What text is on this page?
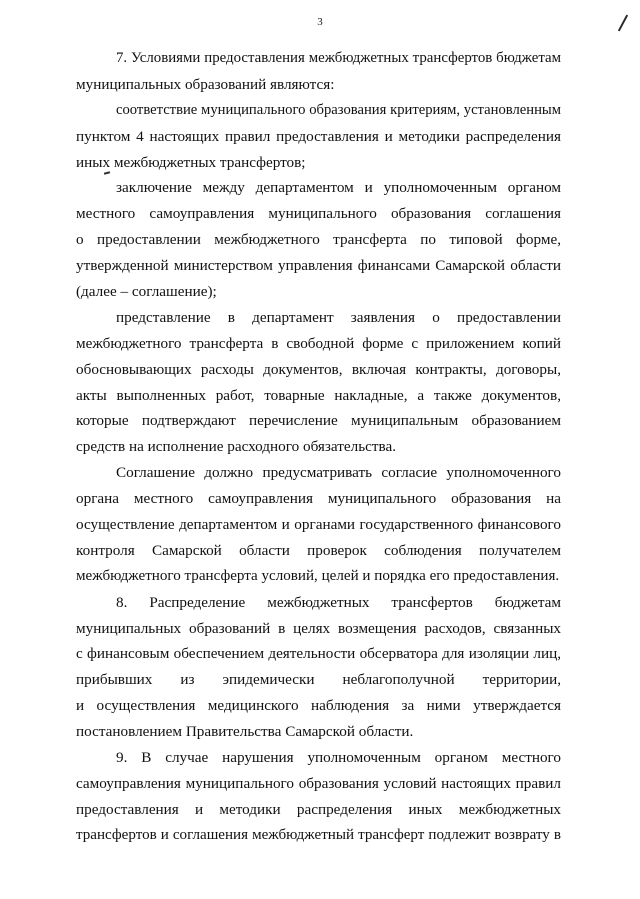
3
7. Условиями предоставления межбюджетных трансфертов бюджетам
муниципальных образований являются:
соответствие муниципального образования критериям, установленным
пунктом 4 настоящих правил предоставления и методики распределения
иных межбюджетных трансфертов;
заключение между департаментом и уполномоченным органом
местного самоуправления муниципального образования соглашения
о предоставлении межбюджетного трансферта по типовой форме,
утвержденной министерством управления финансами Самарской области
(далее – соглашение);
представление в департамент заявления о предоставлении
межбюджетного трансферта в свободной форме с приложением копий
обосновывающих расходы документов, включая контракты, договоры,
акты выполненных работ, товарные накладные, а также документов,
которые подтверждают перечисление муниципальным образованием
средств на исполнение расходного обязательства.
Соглашение должно предусматривать согласие уполномоченного
органа местного самоуправления муниципального образования на
осуществление департаментом и органами государственного финансового
контроля Самарской области проверок соблюдения получателем
межбюджетного трансферта условий, целей и порядка его предоставления.
8. Распределение межбюджетных трансфертов бюджетам
муниципальных образований в целях возмещения расходов, связанных
с финансовым обеспечением деятельности обсерватора для изоляции лиц,
прибывших из эпидемически неблагополучной территории,
и осуществления медицинского наблюдения за ними утверждается
постановлением Правительства Самарской области.
9. В случае нарушения уполномоченным органом местного
самоуправления муниципального образования условий настоящих правил
предоставления и методики распределения иных межбюджетных
трансфертов и соглашения межбюджетный трансферт подлежит возврату в
